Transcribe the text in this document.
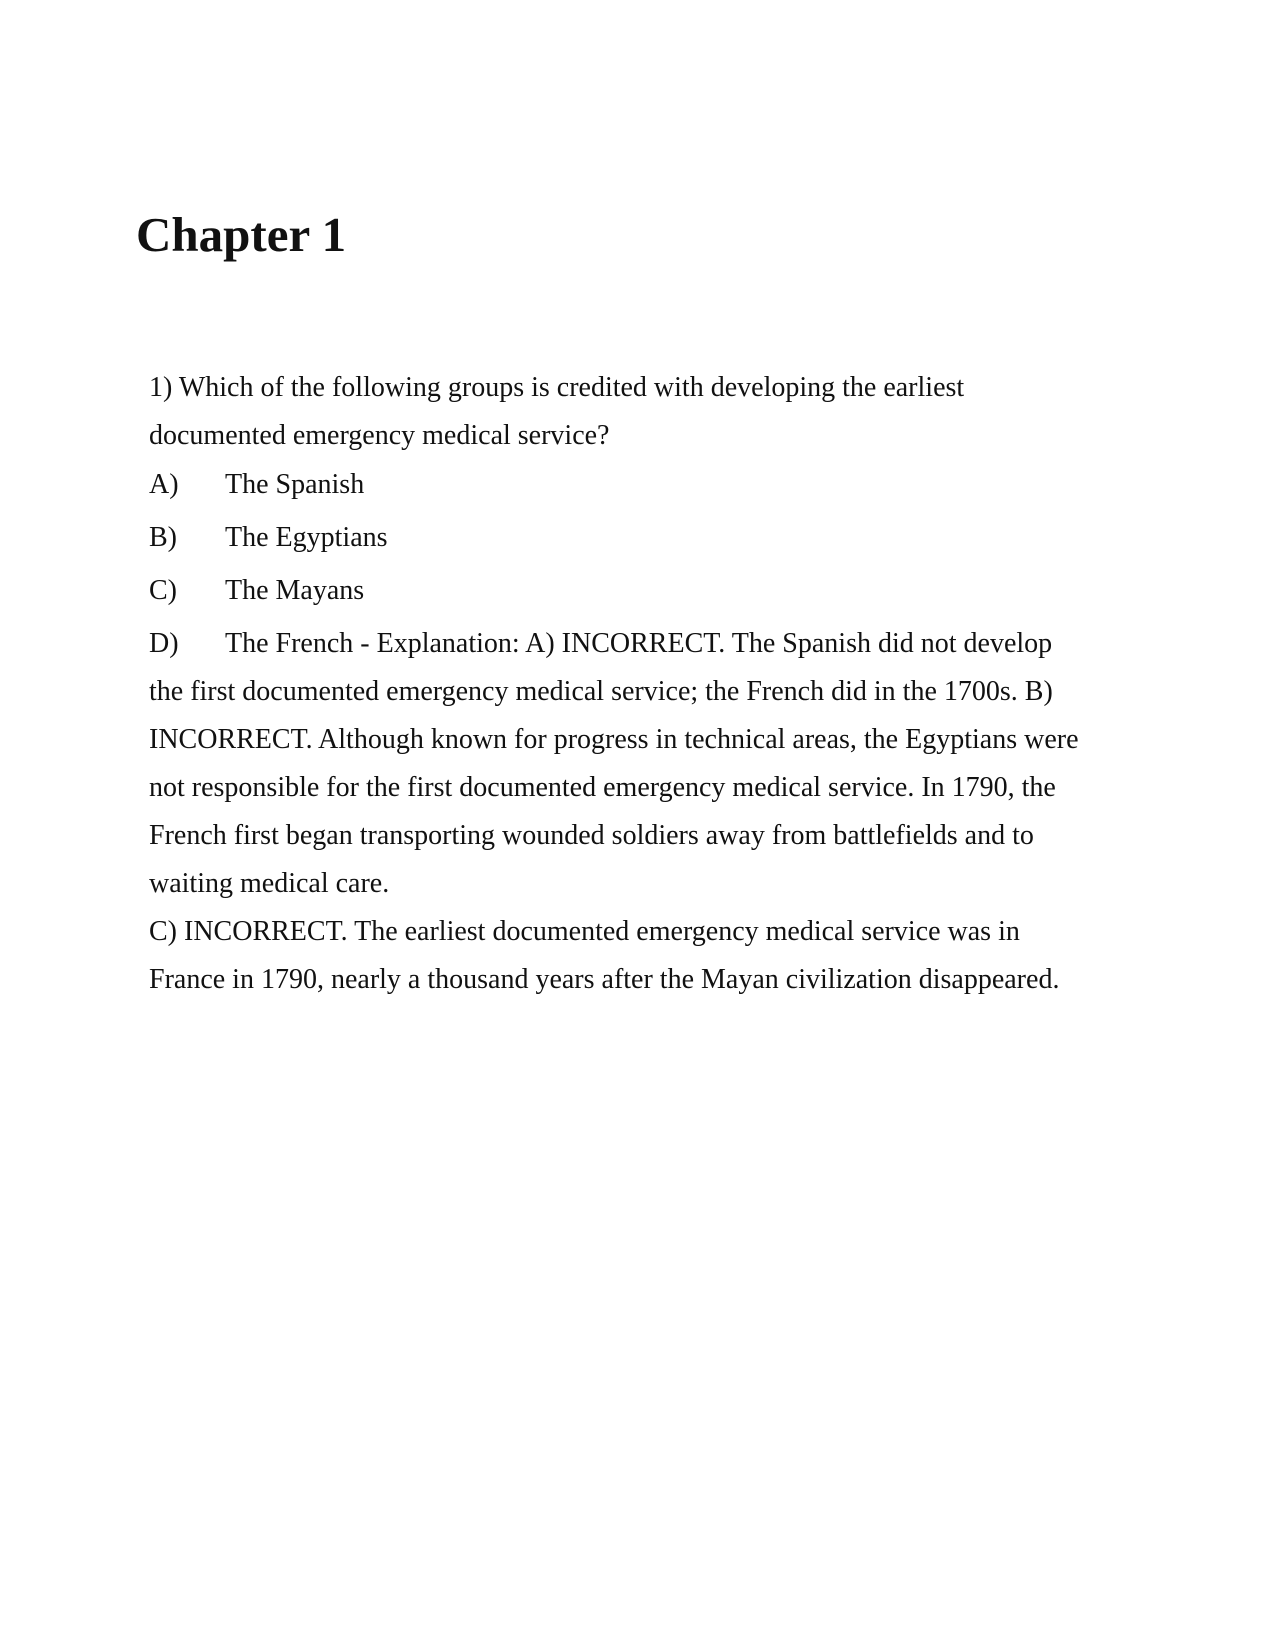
Chapter 1
1) Which of the following groups is credited with developing the earliest
documented emergency medical service?
A) The Spanish
B) The Egyptians
C) The Mayans
D) The French - Explanation: A) INCORRECT. The Spanish did not develop
the first documented emergency medical service; the French did in the 1700s. B)
INCORRECT. Although known for progress in technical areas, the Egyptians were
not responsible for the first documented emergency medical service. In 1790, the
French first began transporting wounded soldiers away from battlefields and to
waiting medical care.
C) INCORRECT. The earliest documented emergency medical service was in
France in 1790, nearly a thousand years after the Mayan civilization disappeared.
